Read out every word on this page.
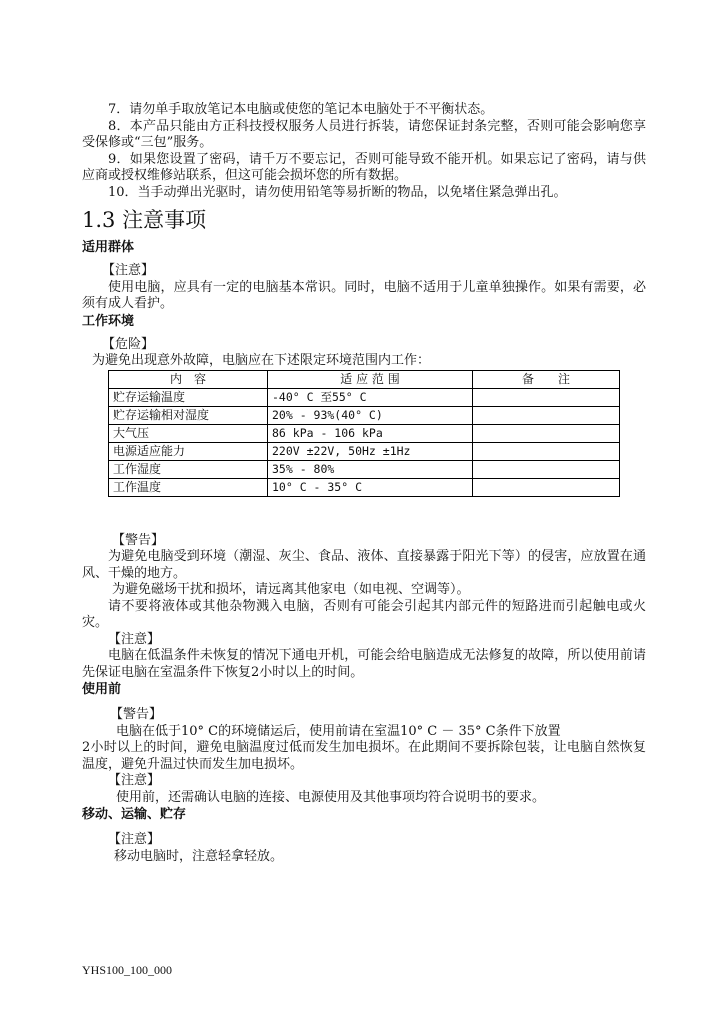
7．请勿单手取放笔记本电脑或使您的笔记本电脑处于不平衡状态。

8．本产品只能由方正科技授权服务人员进行拆装，请您保证封条完整，否则可能会影响您享受保修或“三包”服务。

9．如果您设置了密码，请千万不要忘记，否则可能导致不能开机。如果忘记了密码，请与供应商或授权维修站联系，但这可能会损坏您的所有数据。

10．当手动弹出光驱时，请勿使用铅笔等易折断的物品，以免堵住紧急弹出孔。

1.3 注意事项

适用群体

【注意】

使用电脑，应具有一定的电脑基本常识。同时，电脑不适用于儿童单独操作。如果有需要，必须有成人看护。

工作环境

【危险】

为避免出现意外故障，电脑应在下述限定环境范围内工作：

内　容	适 应 范 围	备　　注
贮存运输温度	-40° C 至55° C	
贮存运输相对湿度	20% - 93%(40° C)	
大气压	86 kPa - 106 kPa	
电源适应能力	220V ±22V, 50Hz ±1Hz	
工作湿度	35% - 80%	
工作温度	10° C - 35° C	

【警告】

为避免电脑受到环境（潮湿、灰尘、食品、液体、直接暴露于阳光下等）的侵害，应放置在通风、干燥的地方。

为避免磁场干扰和损坏，请远离其他家电（如电视、空调等）。

请不要将液体或其他杂物溅入电脑，否则有可能会引起其内部元件的短路进而引起触电或火灾。

【注意】

电脑在低温条件未恢复的情况下通电开机，可能会给电脑造成无法修复的故障，所以使用前请先保证电脑在室温条件下恢复2小时以上的时间。

使用前

【警告】

电脑在低于10° C的环境储运后，使用前请在室温10° C － 35° C条件下放置

2小时以上的时间，避免电脑温度过低而发生加电损坏。在此期间不要拆除包装，让电脑自然恢复温度，避免升温过快而发生加电损坏。

【注意】

使用前，还需确认电脑的连接、电源使用及其他事项均符合说明书的要求。

移动、运输、贮存

【注意】

移动电脑时，注意轻拿轻放。

YHS100_100_000
